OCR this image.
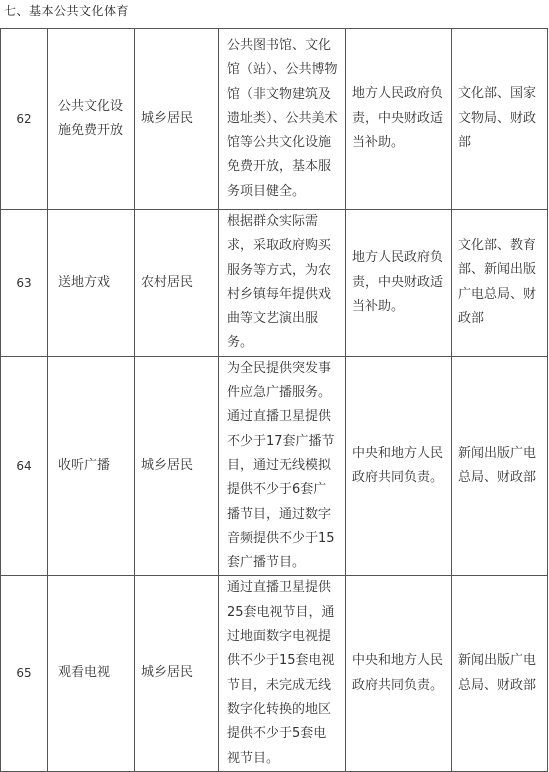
七、基本公共文化体育
62	公共文化设施免费开放	城乡居民	公共图书馆、文化馆（站）、公共博物馆（非文物建筑及遗址类）、公共美术馆等公共文化设施免费开放，基本服务项目健全。	地方人民政府负责，中央财政适当补助。	文化部、国家文物局、财政部

63	送地方戏	农村居民	根据群众实际需求，采取政府购买服务等方式，为农村乡镇每年提供戏曲等文艺演出服务。	地方人民政府负责，中央财政适当补助。	文化部、教育部、新闻出版广电总局、财政部

64	收听广播	城乡居民	为全民提供突发事件应急广播服务。通过直播卫星提供不少于17套广播节目，通过无线模拟提供不少于6套广播节目，通过数字音频提供不少于15套广播节目。	中央和地方人民政府共同负责。	新闻出版广电总局、财政部

65	观看电视	城乡居民	通过直播卫星提供25套电视节目，通过地面数字电视提供不少于15套电视节目，未完成无线数字化转换的地区提供不少于5套电视节目。	中央和地方人民政府共同负责。	新闻出版广电总局、财政部
